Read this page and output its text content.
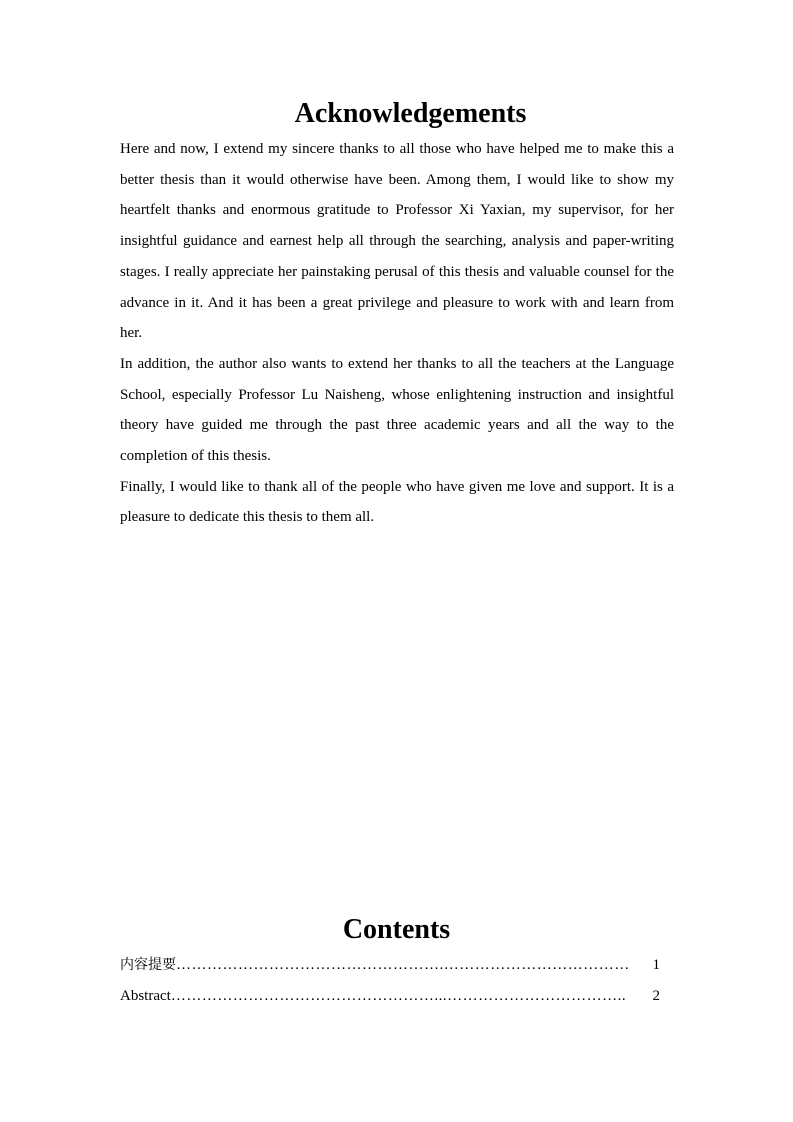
Acknowledgements

Here and now, I extend my sincere thanks to all those who have helped me to make this a better thesis than it would otherwise have been. Among them, I would like to show my heartfelt thanks and enormous gratitude to Professor Xi Yaxian, my supervisor, for her insightful guidance and earnest help all through the searching, analysis and paper-writing stages. I really appreciate her painstaking perusal of this thesis and valuable counsel for the advance in it. And it has been a great privilege and pleasure to work with and learn from her.

In addition, the author also wants to extend her thanks to all the teachers at the Language School, especially Professor Lu Naisheng, whose enlightening instruction and insightful theory have guided me through the past three academic years and all the way to the completion of this thesis.

Finally, I would like to thank all of the people who have given me love and support. It is a pleasure to dedicate this thesis to them all.

Contents
内容提要 …………………………………………….………………………………	1
Abstract ……………………………………………...……………………………..	2
